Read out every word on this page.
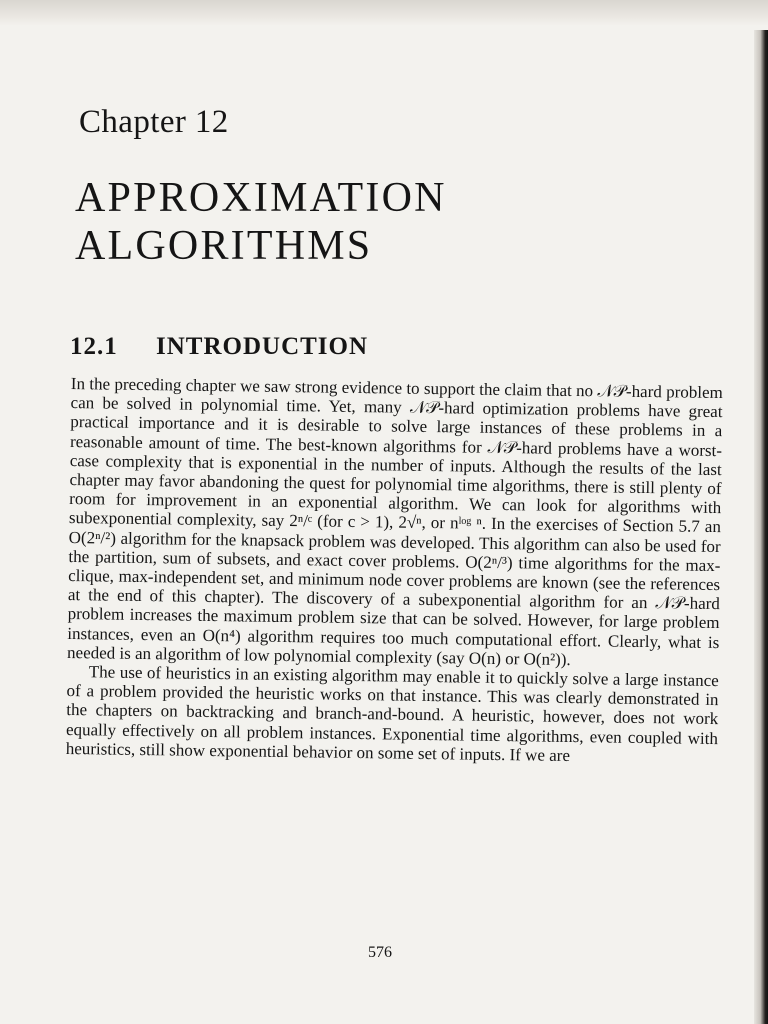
Chapter 12
APPROXIMATION
ALGORITHMS
12.1 INTRODUCTION

In the preceding chapter we saw strong evidence to support the claim that no 𝒩𝒫-hard problem can be solved in polynomial time. Yet, many 𝒩𝒫-hard optimization problems have great practical importance and it is desirable to solve large instances of these problems in a reasonable amount of time. The best-known algorithms for 𝒩𝒫-hard problems have a worst-case complexity that is exponential in the number of inputs. Although the results of the last chapter may favor abandoning the quest for polynomial time algorithms, there is still plenty of room for improvement in an exponential algorithm. We can look for algorithms with subexponential complexity, say 2ⁿ/ᶜ (for c > 1), 2√ⁿ, or nˡᵒᵍ ⁿ. In the exercises of Section 5.7 an O(2ⁿ/²) algorithm for the knapsack problem was developed. This algorithm can also be used for the partition, sum of subsets, and exact cover problems. O(2ⁿ/³) time algorithms for the max-clique, max-independent set, and minimum node cover problems are known (see the references at the end of this chapter). The discovery of a subexponential algorithm for an 𝒩𝒫-hard problem increases the maximum problem size that can be solved. However, for large problem instances, even an O(n⁴) algorithm requires too much computational effort. Clearly, what is needed is an algorithm of low polynomial complexity (say O(n) or O(n²)).

The use of heuristics in an existing algorithm may enable it to quickly solve a large instance of a problem provided the heuristic works on that instance. This was clearly demonstrated in the chapters on backtracking and branch-and-bound. A heuristic, however, does not work equally effectively on all problem instances. Exponential time algorithms, even coupled with heuristics, still show exponential behavior on some set of inputs. If we are

576
